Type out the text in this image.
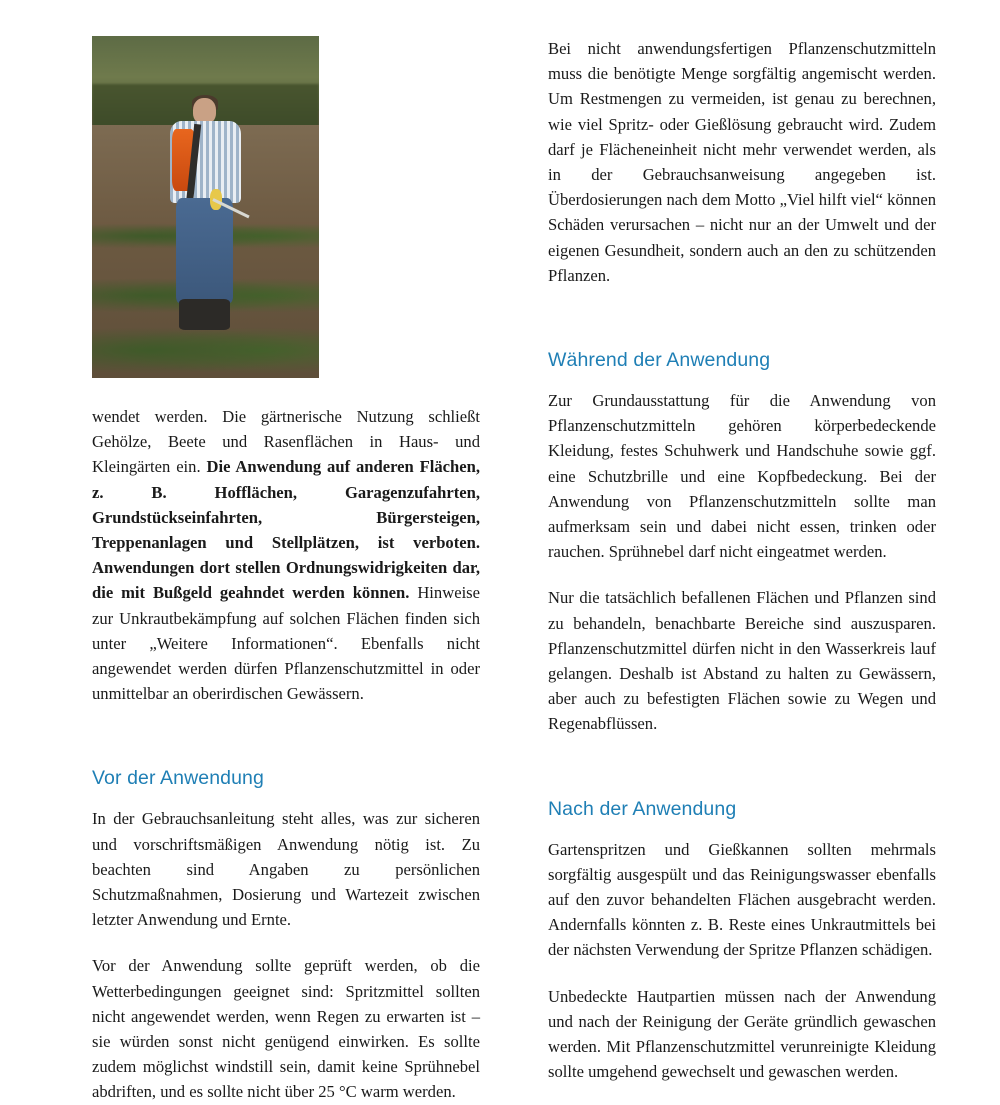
wendet werden. Die gärtnerische Nutzung schließt Gehölze, Beete und Rasenflächen in Haus- und Kleingärten ein. Die Anwendung auf anderen Flächen, z. B. Hofflächen, Garagenzufahrten, Grundstückseinfahrten, Bürgersteigen, Treppenanlagen und Stellplätzen, ist verboten. Anwendungen dort stellen Ordnungswidrigkeiten dar, die mit Bußgeld geahndet werden können. Hinweise zur Unkrautbekämpfung auf solchen Flächen finden sich unter „Weitere Informationen“. Ebenfalls nicht angewendet werden dürfen Pflanzenschutzmittel in oder unmittelbar an oberirdischen Gewässern.

Vor der Anwendung

In der Gebrauchsanleitung steht alles, was zur sicheren und vorschriftsmäßigen Anwendung nötig ist. Zu beachten sind Angaben zu persönlichen Schutzmaßnahmen, Dosierung und Wartezeit zwischen letzter Anwendung und Ernte.

Vor der Anwendung sollte geprüft werden, ob die Wetterbedingungen geeignet sind: Spritzmittel sollten nicht angewendet werden, wenn Regen zu erwarten ist – sie würden sonst nicht genügend einwirken. Es sollte zudem möglichst windstill sein, damit keine Sprühnebel abdriften, und es sollte nicht über 25 °C warm werden.

Bei nicht anwendungsfertigen Pflanzenschutzmitteln muss die benötigte Menge sorgfältig angemischt werden. Um Restmengen zu vermeiden, ist genau zu berechnen, wie viel Spritz- oder Gießlösung gebraucht wird. Zudem darf je Flächeneinheit nicht mehr verwendet werden, als in der Gebrauchsanweisung angegeben ist. Überdosierungen nach dem Motto „Viel hilft viel“ können Schäden verursachen – nicht nur an der Umwelt und der eigenen Gesundheit, sondern auch an den zu schützenden Pflanzen.

Während der Anwendung

Zur Grundausstattung für die Anwendung von Pflanzenschutzmitteln gehören körperbedeckende Kleidung, festes Schuhwerk und Handschuhe sowie ggf. eine Schutzbrille und eine Kopfbedeckung. Bei der Anwendung von Pflanzenschutzmitteln sollte man aufmerksam sein und dabei nicht essen, trinken oder rauchen. Sprühnebel darf nicht eingeatmet werden.

Nur die tatsächlich befallenen Flächen und Pflanzen sind zu behandeln, benachbarte Bereiche sind auszusparen. Pflanzenschutzmittel dürfen nicht in den Wasserkreis lauf gelangen. Deshalb ist Abstand zu halten zu Gewässern, aber auch zu befestigten Flächen sowie zu Wegen und Regenabflüssen.

Nach der Anwendung

Gartenspritzen und Gießkannen sollten mehrmals sorgfältig ausgespült und das Reinigungswasser ebenfalls auf den zuvor behandelten Flächen ausgebracht werden. Andernfalls könnten z. B. Reste eines Unkrautmittels bei der nächsten Verwendung der Spritze Pflanzen schädigen.

Unbedeckte Hautpartien müssen nach der Anwendung und nach der Reinigung der Geräte gründlich gewaschen werden. Mit Pflanzenschutzmittel verunreinigte Kleidung sollte umgehend gewechselt und gewaschen werden.
